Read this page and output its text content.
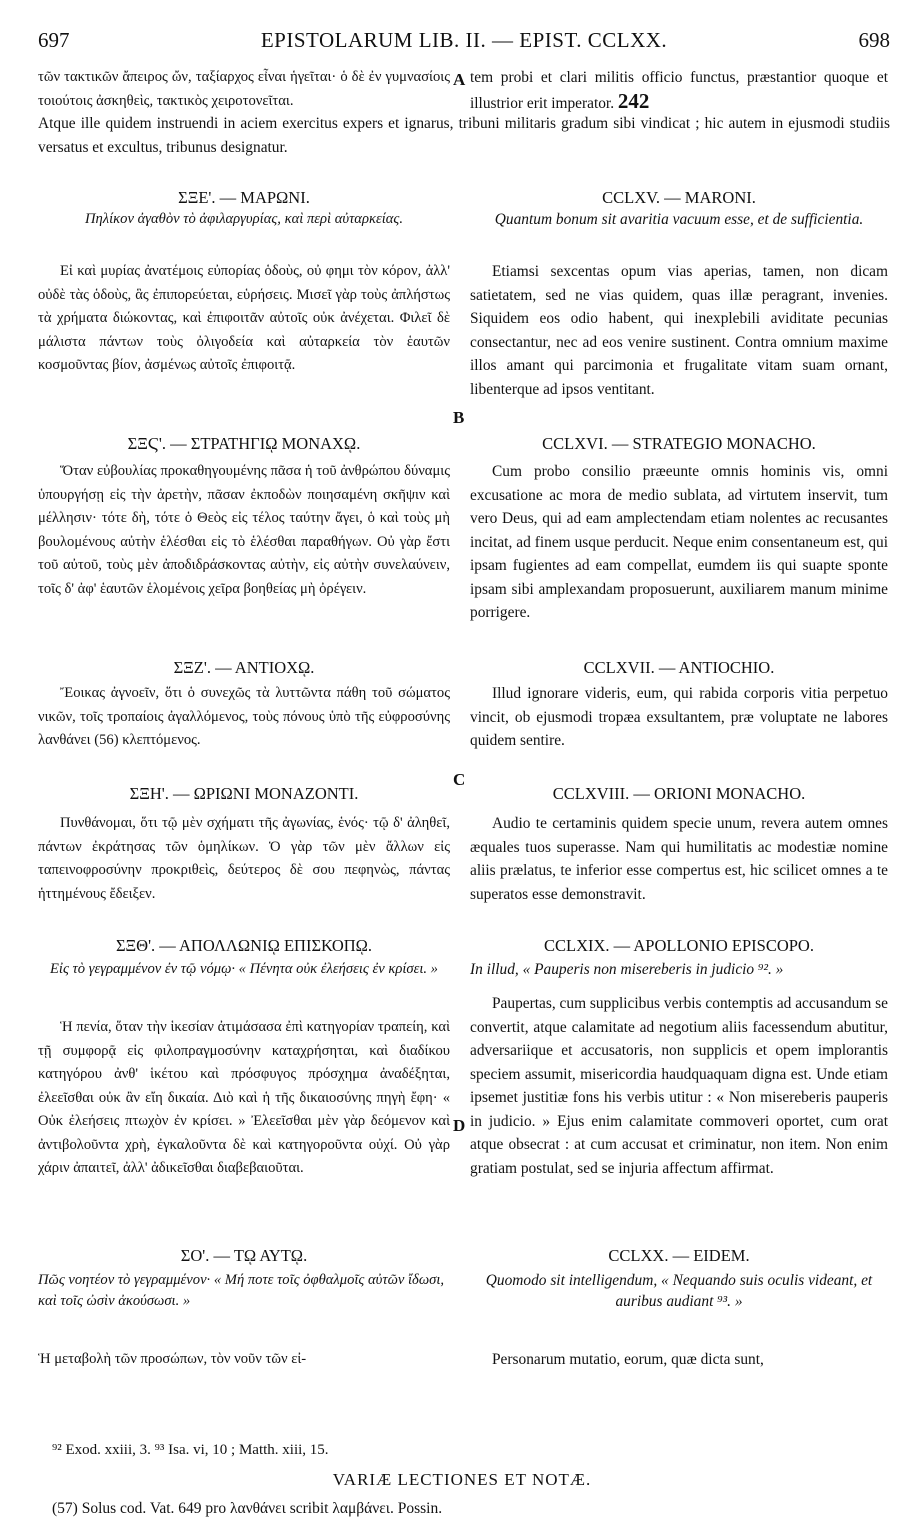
697	EPISTOLARUM LIB. II. — EPIST. CCLXX.	698
τῶν τακτικῶν ἄπειρος ὤν, ταξίαρχος εἶναι ἡγεῖται· ὁ δὲ ἐν γυμνασίοις τοιούτοις ἀσκηθεὶς, τακτικὸς χειροτονεῖται.
ΣΞΕ'. — ΜΑΡΩΝΙ.
Πηλίκον ἀγαθὸν τὸ ἀφιλαργυρίας, καὶ περὶ αὐταρκείας.
Εἰ καὶ μυρίας ἀνατέμοις εὐπορίας ὁδοὺς, οὐ φημι τὸν κόρον, ἀλλ' οὐδὲ τὰς ὁδοὺς, ἃς ἐπιπορεύεται, εὑρήσεις. Μισεῖ γὰρ τοὺς ἀπλήστως τὰ χρήματα διώκοντας, καὶ ἐπιφοιτᾶν αὐτοῖς οὐκ ἀνέχεται. Φιλεῖ δὲ μάλιστα πάντων τοὺς ὀλιγοδεία καὶ αὐταρκεία τὸν ἑαυτῶν κοσμοῦντας βίον, ἀσμένως αὐτοῖς ἐπιφοιτᾷ.
ΣΞϚ'. — ΣΤΡΑΤΗΓΙῼ ΜΟΝΑΧῼ.
Ὅταν εὐβουλίας προκαθηγουμένης πᾶσα ἡ τοῦ ἀνθρώπου δύναμις ὑπουργήσῃ εἰς τὴν ἀρετὴν, πᾶσαν ἐκποδὼν ποιησαμένη σκῆψιν καὶ μέλλησιν· τότε δὴ, τότε ὁ Θεὸς εἰς τέλος ταύτην ἄγει, ὁ καὶ τοὺς μὴ βουλομένους αὐτὴν ἑλέσθαι εἰς τὸ ἑλέσθαι παραθήγων. Οὐ γὰρ ἔστι τοῦ αὐτοῦ, τοὺς μὲν ἀποδιδράσκοντας αὐτὴν, εἰς αὐτὴν συνελαύνειν, τοῖς δ' ἀφ' ἑαυτῶν ἑλομένοις χεῖρα βοηθείας μὴ ὀρέγειν.
ΣΞΖ'. — ΑΝΤΙΟΧῼ.
Ἔοικας ἀγνοεῖν, ὅτι ὁ συνεχῶς τὰ λυττῶντα πάθη τοῦ σώματος νικῶν, τοῖς τροπαίοις ἀγαλλόμενος, τοὺς πόνους ὑπὸ τῆς εὐφροσύνης λανθάνει (56) κλεπτόμενος.
ΣΞΗ'. — ΩΡΙΩΝΙ ΜΟΝΑΖΟΝΤΙ.
Πυνθάνομαι, ὅτι τῷ μὲν σχήματι τῆς ἀγωνίας, ἑνός· τῷ δ' ἀληθεῖ, πάντων ἐκράτησας τῶν ὁμηλίκων. Ὁ γὰρ τῶν μὲν ἄλλων εἰς ταπεινοφροσύνην προκριθεὶς, δεύτερος δὲ σου πεφηνὼς, πάντας ἡττημένους ἔδειξεν.
ΣΞΘ'. — ΑΠΟΛΛΩΝΙῼ ΕΠΙΣΚΟΠῼ.
Εἰς τὸ γεγραμμένον ἐν τῷ νόμῳ· « Πένητα οὐκ ἐλεήσεις ἐν κρίσει. »
Ἡ πενία, ὅταν τὴν ἱκεσίαν ἀτιμάσασα ἐπὶ κατηγορίαν τραπείη, καὶ τῇ συμφορᾷ εἰς φιλοπραγμοσύνην καταχρήσηται, καὶ διαδίκου κατηγόρου ἀνθ' ἱκέτου καὶ πρόσφυγος πρόσχημα ἀναδέξηται, ἐλεεῖσθαι οὐκ ἂν εἴη δικαία. Διὸ καὶ ἡ τῆς δικαιοσύνης πηγὴ ἔφη· « Οὐκ ἐλεήσεις πτωχὸν ἐν κρίσει. » Ἐλεεῖσθαι μὲν γὰρ δεόμενον καὶ ἀντιβολοῦντα χρὴ, ἐγκαλοῦντα δὲ καὶ κατηγοροῦντα οὐχί. Οὐ γὰρ χάριν ἀπαιτεῖ, ἀλλ' ἀδικεῖσθαι διαβεβαιοῦται.
ΣΟ'. — Τῼ ΑΥΤῼ.
Πῶς νοητέον τὸ γεγραμμένον· « Μή ποτε τοῖς ὀφθαλμοῖς αὐτῶν ἴδωσι, καὶ τοῖς ὠσὶν ἀκούσωσι. »
Ἡ μεταβολὴ τῶν προσώπων, τὸν νοῦν τῶν εἰ-
A
B
C
D
tem probi et clari militis officio functus, præstantior quoque et illustrior erit imperator. 242
CCLXV. — MARONI.
Quantum bonum sit avaritia vacuum esse, et de sufficientia.
Etiamsi sexcentas opum vias aperias, tamen, non dicam satietatem, sed ne vias quidem, quas illæ peragrant, invenies. Siquidem eos odio habent, qui inexplebili aviditate pecunias consectantur, nec ad eos venire sustinent. Contra omnium maxime illos amant qui parcimonia et frugalitate vitam suam ornant, libenterque ad ipsos ventitant.
CCLXVI. — STRATEGIO MONACHO.
Cum probo consilio præeunte omnis hominis vis, omni excusatione ac mora de medio sublata, ad virtutem inservit, tum vero Deus, qui ad eam amplectendam etiam nolentes ac recusantes incitat, ad finem usque perducit. Neque enim consentaneum est, qui ipsam fugientes ad eam compellat, eumdem iis qui suapte sponte ipsam sibi amplexandam proposuerunt, auxiliarem manum minime porrigere.
CCLXVII. — ANTIOCHIO.
Illud ignorare videris, eum, qui rabida corporis vitia perpetuo vincit, ob ejusmodi tropæa exsultantem, præ voluptate ne labores quidem sentire.
CCLXVIII. — ORIONI MONACHO.
Audio te certaminis quidem specie unum, revera autem omnes æquales tuos superasse. Nam qui humilitatis ac modestiæ nomine aliis prælatus, te inferior esse compertus est, hic scilicet omnes a te superatos esse demonstravit.
CCLXIX. — APOLLONIO EPISCOPO.
In illud, « Pauperis non misereberis in judicio ⁹². »
Paupertas, cum supplicibus verbis contemptis ad accusandum se convertit, atque calamitate ad negotium aliis facessendum abutitur, adversariique et accusatoris, non supplicis et opem implorantis speciem assumit, misericordia haudquaquam digna est. Unde etiam ipsemet justitiæ fons his verbis utitur : « Non misereberis pauperis in judicio. » Ejus enim calamitate commoveri oportet, cum orat atque obsecrat : at cum accusat et criminatur, non item. Non enim gratiam postulat, sed se injuria affectum affirmat.
CCLXX. — EIDEM.
Quomodo sit intelligendum, « Nequando suis oculis videant, et auribus audiant ⁹³. »
Personarum mutatio, eorum, quæ dicta sunt,
⁹² Exod. xxiii, 3. ⁹³ Isa. vi, 10 ; Matth. xiii, 15.
VARIÆ LECTIONES ET NOTÆ.
(57) Solus cod. Vat. 649 pro λανθάνει scribit λαμβάνει. Possin.
Atque ille quidem instruendi in aciem exercitus expers et ignarus, tribuni militaris gradum sibi vindicat ; hic autem in ejusmodi studiis versatus et excultus, tribunus designatur.
